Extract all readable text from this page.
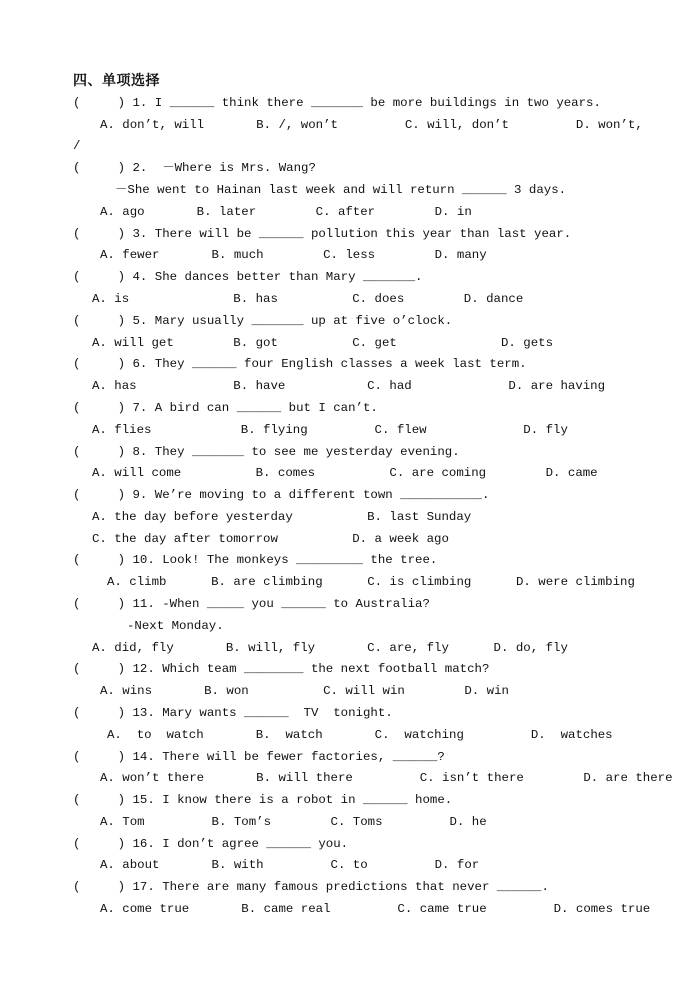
四、单项选择
(     ) 1. I ______ think there _______ be more buildings in two years.
A. don’t, will       B. /, won’t         C. will, don’t         D. won’t,
/
(     ) 2.  －Where is Mrs. Wang?
－She went to Hainan last week and will return ______ 3 days.
A. ago       B. later        C. after        D. in
(     ) 3. There will be ______ pollution this year than last year.
A. fewer       B. much        C. less        D. many
(     ) 4. She dances better than Mary _______.
A. is              B. has          C. does        D. dance
(     ) 5. Mary usually _______ up at five o’clock.
A. will get        B. got          C. get              D. gets
(     ) 6. They ______ four English classes a week last term.
A. has             B. have           C. had             D. are having
(     ) 7. A bird can ______ but I can’t.
A. flies            B. flying         C. flew             D. fly
(     ) 8. They _______ to see me yesterday evening.
A. will come          B. comes          C. are coming        D. came
(     ) 9. We’re moving to a different town ___________.
A. the day before yesterday          B. last Sunday
C. the day after tomorrow          D. a week ago
(     ) 10. Look! The monkeys _________ the tree.
A. climb      B. are climbing      C. is climbing      D. were climbing
(     ) 11. -When _____ you ______ to Australia?
-Next Monday.
A. did, fly       B. will, fly       C. are, fly      D. do, fly
(     ) 12. Which team ________ the next football match?
A. wins       B. won          C. will win        D. win
(     ) 13. Mary wants ______  TV  tonight.
A.  to  watch       B.  watch       C.  watching         D.  watches
(     ) 14. There will be fewer factories, ______?
A. won’t there       B. will there         C. isn’t there        D. are there
(     ) 15. I know there is a robot in ______ home.
A. Tom         B. Tom’s        C. Toms         D. he
(     ) 16. I don’t agree ______ you.
A. about       B. with         C. to         D. for
(     ) 17. There are many famous predictions that never ______.
A. come true       B. came real         C. came true         D. comes true
